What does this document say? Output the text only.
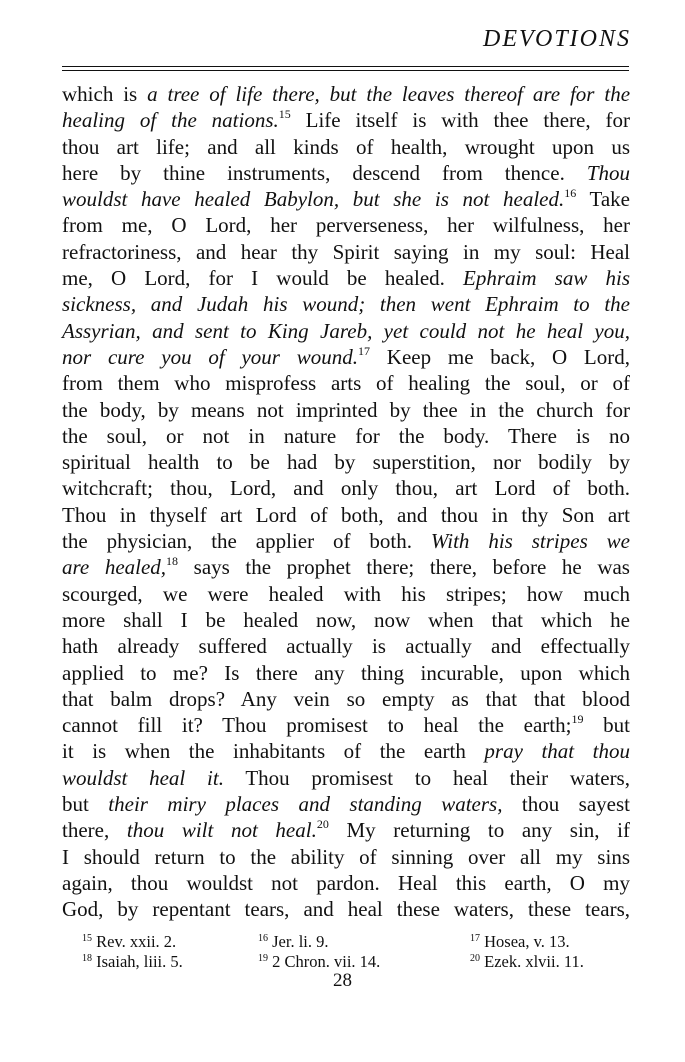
DEVOTIONS
which is a tree of life there, but the leaves thereof are for the
healing of the nations.$^{15}$ Life itself is with thee there, for
thou art life; and all kinds of health, wrought upon us
here by thine instruments, descend from thence. Thou
wouldst have healed Babylon, but she is not healed.$^{16}$ Take
from me, O Lord, her perverseness, her wilfulness, her
refractoriness, and hear thy Spirit saying in my soul: Heal
me, O Lord, for I would be healed. Ephraim saw his
sickness, and Judah his wound; then went Ephraim to the
Assyrian, and sent to King Jareb, yet could not he heal you,
nor cure you of your wound.$^{17}$ Keep me back, O Lord,
from them who misprofess arts of healing the soul, or of
the body, by means not imprinted by thee in the church for
the soul, or not in nature for the body. There is no
spiritual health to be had by superstition, nor bodily by
witchcraft; thou, Lord, and only thou, art Lord of both.
Thou in thyself art Lord of both, and thou in thy Son art
the physician, the applier of both. With his stripes we
are healed,$^{18}$ says the prophet there; there, before he was
scourged, we were healed with his stripes; how much
more shall I be healed now, now when that which he
hath already suffered actually is actually and effectually
applied to me? Is there any thing incurable, upon which
that balm drops? Any vein so empty as that that blood
cannot fill it? Thou promisest to heal the earth;$^{19}$ but
it is when the inhabitants of the earth pray that thou
wouldst heal it. Thou promisest to heal their waters,
but their miry places and standing waters, thou sayest
there, thou wilt not heal.$^{20}$ My returning to any sin, if
I should return to the ability of sinning over all my sins
again, thou wouldst not pardon. Heal this earth, O my
God, by repentant tears, and heal these waters, these tears,
$^{15}$ Rev. xxii. 2.	$^{16}$ Jer. li. 9.	$^{17}$ Hosea, v. 13.
$^{18}$ Isaiah, liii. 5.	$^{19}$ 2 Chron. vii. 14.	$^{20}$ Ezek. xlvii. 11.
28
